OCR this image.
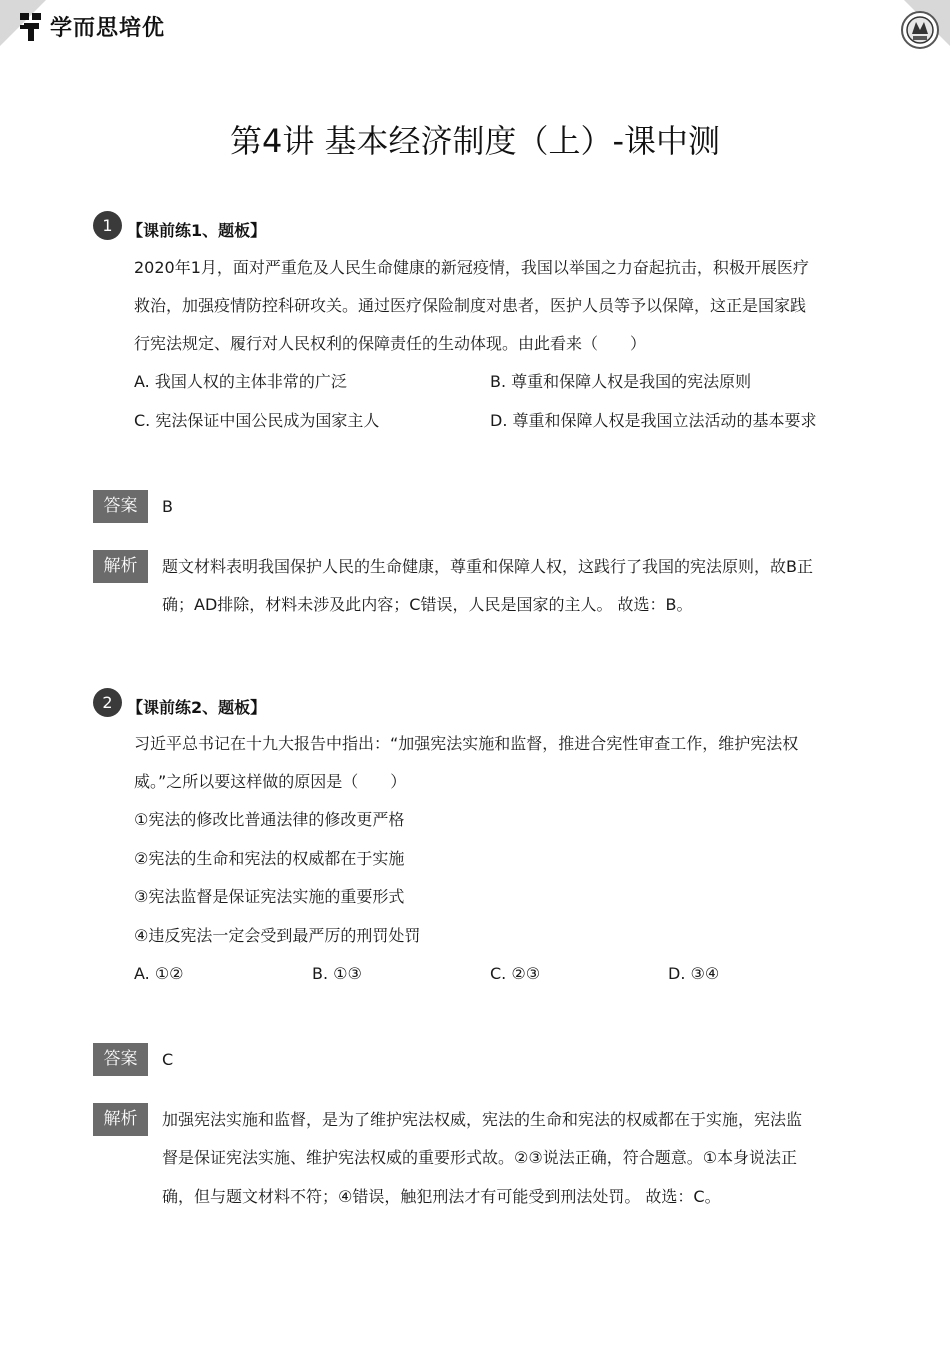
学而思培优
第4讲 基本经济制度（上）-课中测
1 【课前练1、题板】
2020年1月，面对严重危及人民生命健康的新冠疫情，我国以举国之力奋起抗击，积极开展医疗
救治，加强疫情防控科研攻关。通过医疗保险制度对患者，医护人员等予以保障，这正是国家践
行宪法规定、履行对人民权利的保障责任的生动体现。由此看来（　　）
A. 我国人权的主体非常的广泛	B. 尊重和保障人权是我国的宪法原则
C. 宪法保证中国公民成为国家主人	D. 尊重和保障人权是我国立法活动的基本要求
答案	B
解析	题文材料表明我国保护人民的生命健康，尊重和保障人权，这践行了我国的宪法原则，故B正
确；AD排除，材料未涉及此内容；C错误，人民是国家的主人。 故选：B。
2 【课前练2、题板】
习近平总书记在十九大报告中指出：“加强宪法实施和监督，推进合宪性审查工作，维护宪法权
威。”之所以要这样做的原因是（　　）
①宪法的修改比普通法律的修改更严格
②宪法的生命和宪法的权威都在于实施
③宪法监督是保证宪法实施的重要形式
④违反宪法一定会受到最严厉的刑罚处罚
A. ①②	B. ①③	C. ②③	D. ③④
答案	C
解析	加强宪法实施和监督，是为了维护宪法权威，宪法的生命和宪法的权威都在于实施，宪法监
督是保证宪法实施、维护宪法权威的重要形式故。②③说法正确，符合题意。①本身说法正
确，但与题文材料不符；④错误，触犯刑法才有可能受到刑法处罚。 故选：C。
